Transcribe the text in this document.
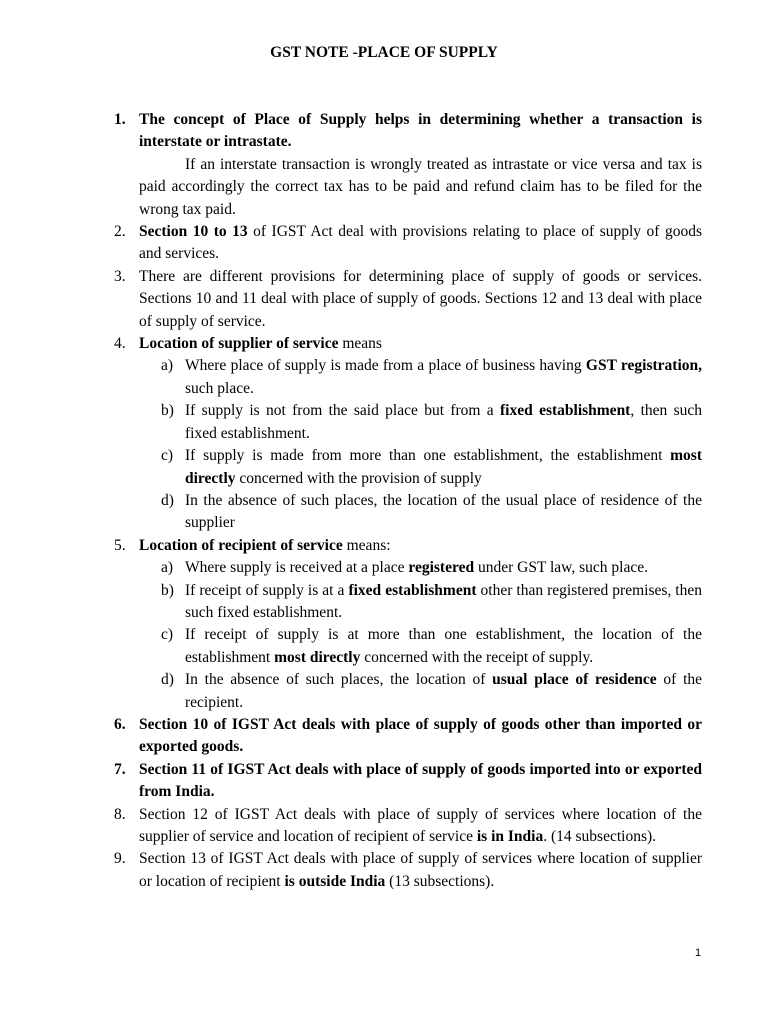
GST NOTE -PLACE OF SUPPLY
1. The concept of Place of Supply helps in determining whether a transaction is interstate or intrastate.
If an interstate transaction is wrongly treated as intrastate or vice versa and tax is paid accordingly the correct tax has to be paid and refund claim has to be filed for the wrong tax paid.
2. Section 10 to 13 of IGST Act deal with provisions relating to place of supply of goods and services.
3. There are different provisions for determining place of supply of goods or services. Sections 10 and 11 deal with place of supply of goods. Sections 12 and 13 deal with place of supply of service.
4. Location of supplier of service means
a) Where place of supply is made from a place of business having GST registration, such place.
b) If supply is not from the said place but from a fixed establishment, then such fixed establishment.
c) If supply is made from more than one establishment, the establishment most directly concerned with the provision of supply
d) In the absence of such places, the location of the usual place of residence of the supplier
5. Location of recipient of service means:
a) Where supply is received at a place registered under GST law, such place.
b) If receipt of supply is at a fixed establishment other than registered premises, then such fixed establishment.
c) If receipt of supply is at more than one establishment, the location of the establishment most directly concerned with the receipt of supply.
d) In the absence of such places, the location of usual place of residence of the recipient.
6. Section 10 of IGST Act deals with place of supply of goods other than imported or exported goods.
7. Section 11 of IGST Act deals with place of supply of goods imported into or exported from India.
8. Section 12 of IGST Act deals with place of supply of services where location of the supplier of service and location of recipient of service is in India. (14 subsections).
9. Section 13 of IGST Act deals with place of supply of services where location of supplier or location of recipient is outside India (13 subsections).
1
